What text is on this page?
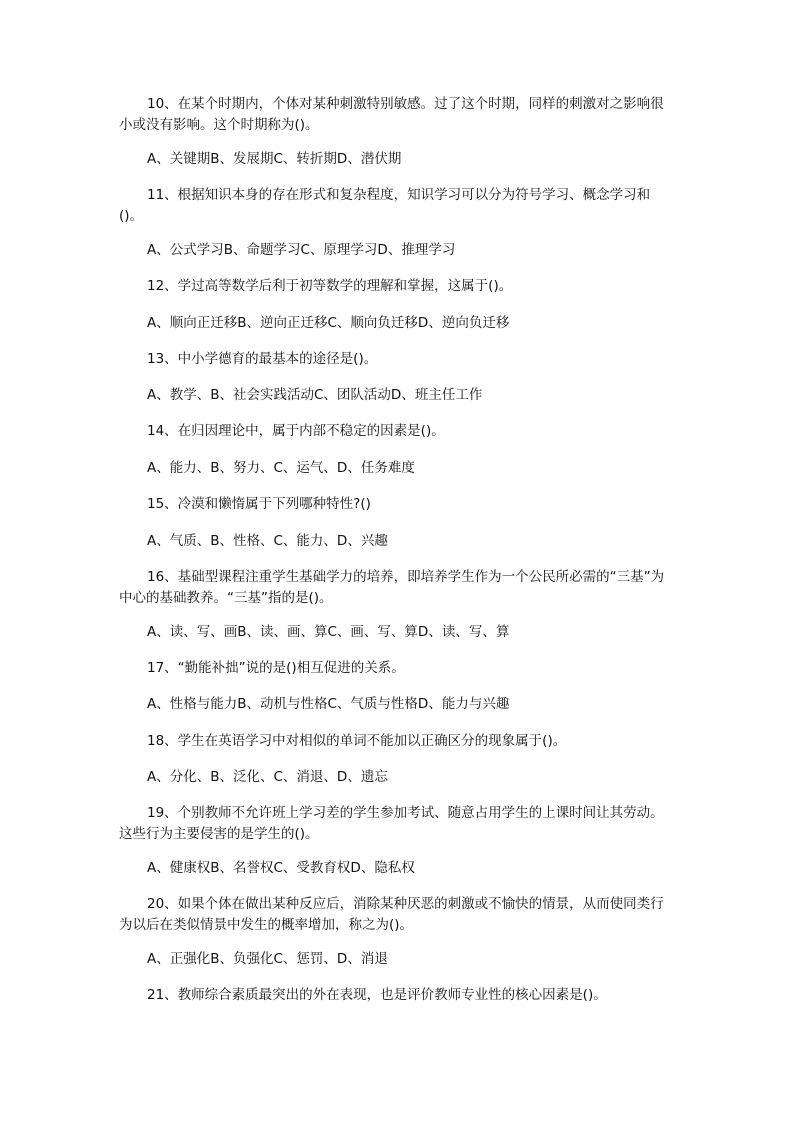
10、在某个时期内，个体对某种刺激特别敏感。过了这个时期，同样的刺激对之影响很小或没有影响。这个时期称为()。

A、关键期B、发展期C、转折期D、潜伏期

11、根据知识本身的存在形式和复杂程度，知识学习可以分为符号学习、概念学习和()。

A、公式学习B、命题学习C、原理学习D、推理学习

12、学过高等数学后利于初等数学的理解和掌握，这属于()。

A、顺向正迁移B、逆向正迁移C、顺向负迁移D、逆向负迁移

13、中小学德育的最基本的途径是()。

A、教学、B、社会实践活动C、团队活动D、班主任工作

14、在归因理论中，属于内部不稳定的因素是()。

A、能力、B、努力、C、运气、D、任务难度

15、冷漠和懒惰属于下列哪种特性?()

A、气质、B、性格、C、能力、D、兴趣

16、基础型课程注重学生基础学力的培养，即培养学生作为一个公民所必需的“三基”为中心的基础教养。“三基”指的是()。

A、读、写、画B、读、画、算C、画、写、算D、读、写、算

17、“勤能补拙”说的是()相互促进的关系。

A、性格与能力B、动机与性格C、气质与性格D、能力与兴趣

18、学生在英语学习中对相似的单词不能加以正确区分的现象属于()。

A、分化、B、泛化、C、消退、D、遗忘

19、个别教师不允许班上学习差的学生参加考试、随意占用学生的上课时间让其劳动。这些行为主要侵害的是学生的()。

A、健康权B、名誉权C、受教育权D、隐私权

20、如果个体在做出某种反应后，消除某种厌恶的刺激或不愉快的情景，从而使同类行为以后在类似情景中发生的概率增加，称之为()。

A、正强化B、负强化C、惩罚、D、消退

21、教师综合素质最突出的外在表现，也是评价教师专业性的核心因素是()。
